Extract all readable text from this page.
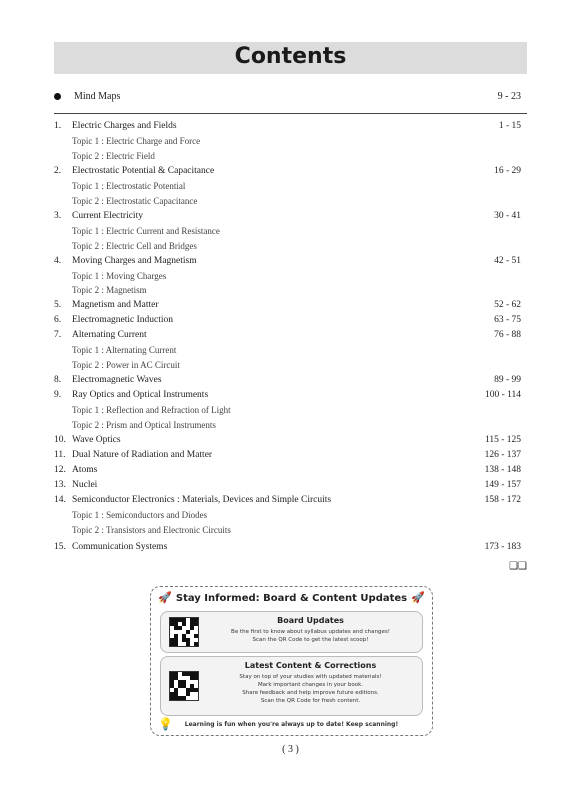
Contents
Mind Maps	9 - 23
1. Electric Charges and Fields	1 - 15
Topic 1 : Electric Charge and Force
Topic 2 : Electric Field
2. Electrostatic Potential & Capacitance	16 - 29
Topic 1 : Electrostatic Potential
Topic 2 : Electrostatic Capacitance
3. Current Electricity	30 - 41
Topic 1 : Electric Current and Resistance
Topic 2 : Electric Cell and Bridges
4. Moving Charges and Magnetism	42 - 51
Topic 1 : Moving Charges
Topic 2 : Magnetism
5. Magnetism and Matter	52 - 62
6. Electromagnetic Induction	63 - 75
7. Alternating Current	76 - 88
Topic 1 : Alternating Current
Topic 2 : Power in AC Circuit
8. Electromagnetic Waves	89 - 99
9. Ray Optics and Optical Instruments	100 - 114
Topic 1 : Reflection and Refraction of Light
Topic 2 : Prism and Optical Instruments
10. Wave Optics	115 - 125
11. Dual Nature of Radiation and Matter	126 - 137
12. Atoms	138 - 148
13. Nuclei	149 - 157
14. Semiconductor Electronics : Materials, Devices and Simple Circuits	158 - 172
Topic 1 : Semiconductors and Diodes
Topic 2 : Transistors and Electronic Circuits
15. Communication Systems	173 - 183
❑❑
🚀	🚀
Stay Informed: Board & Content Updates
Board Updates
Be the first to know about syllabus updates and changes!
Scan the QR Code to get the latest scoop!
Latest Content & Corrections
Stay on top of your studies with updated materials!
Mark important changes in your book.
Share feedback and help improve future editions.
Scan the QR Code for fresh content.
💡	Learning is fun when you're always up to date! Keep scanning!
( 3 )
